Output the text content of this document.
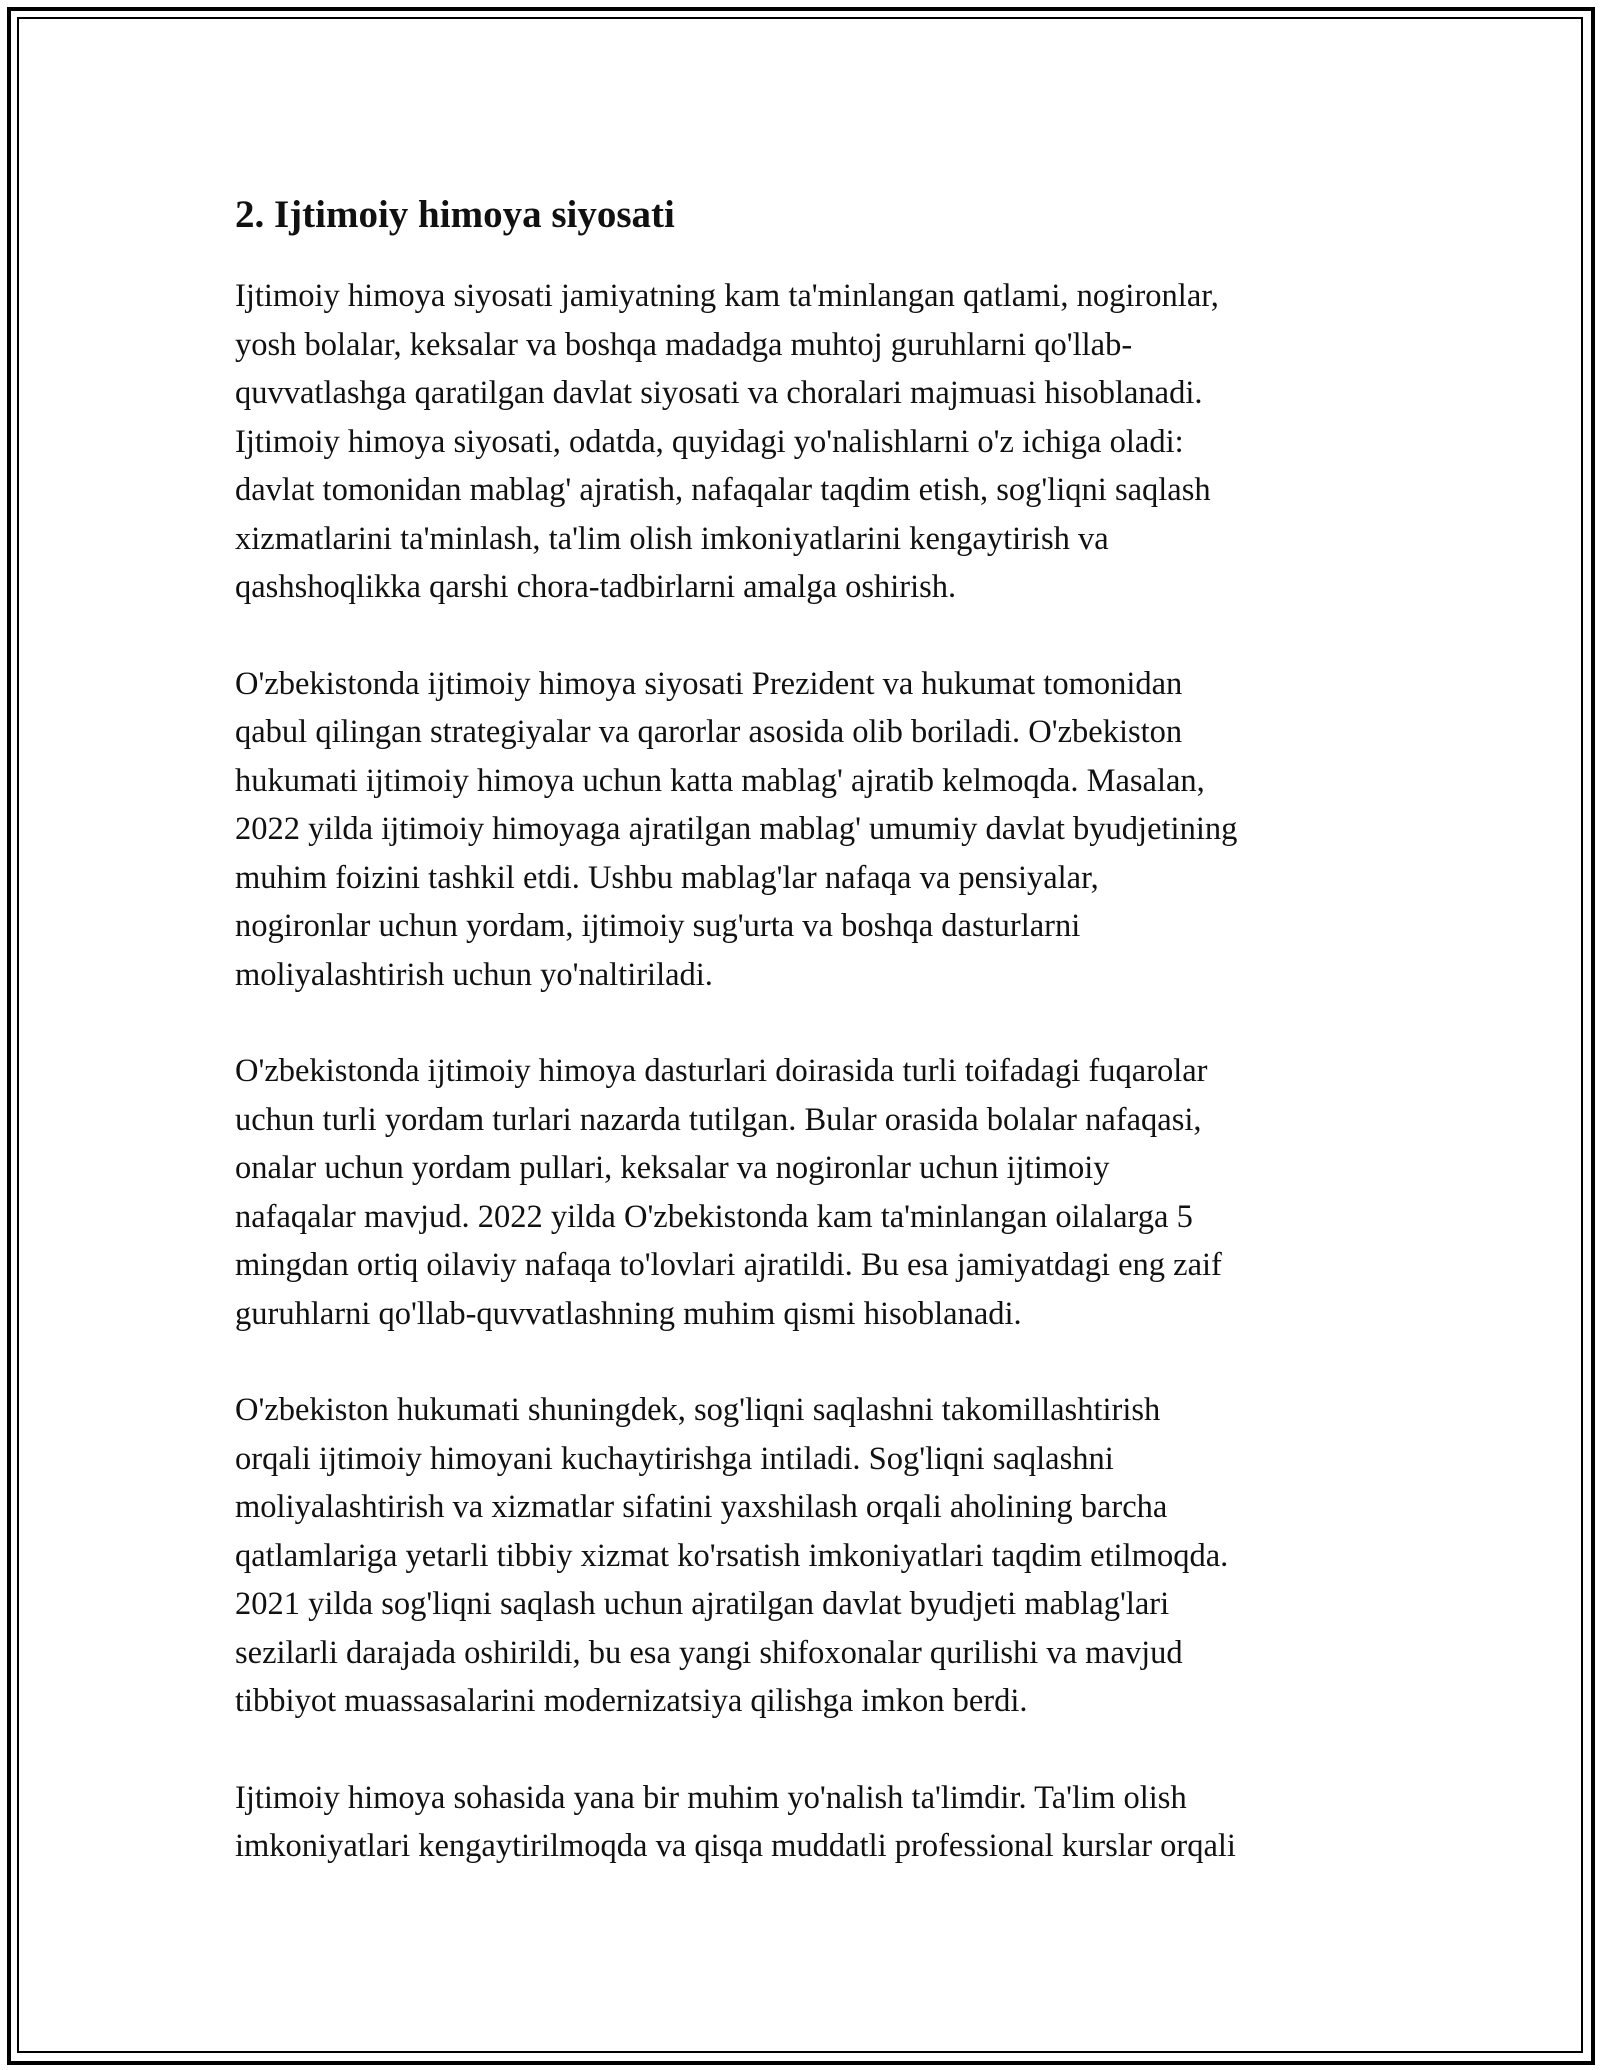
2. Ijtimoiy himoya siyosati

Ijtimoiy himoya siyosati jamiyatning kam ta'minlangan qatlami, nogironlar,
yosh bolalar, keksalar va boshqa madadga muhtoj guruhlarni qo'llab-
quvvatlashga qaratilgan davlat siyosati va choralari majmuasi hisoblanadi.
Ijtimoiy himoya siyosati, odatda, quyidagi yo'nalishlarni o'z ichiga oladi:
davlat tomonidan mablag' ajratish, nafaqalar taqdim etish, sog'liqni saqlash
xizmatlarini ta'minlash, ta'lim olish imkoniyatlarini kengaytirish va
qashshoqlikka qarshi chora-tadbirlarni amalga oshirish.

O'zbekistonda ijtimoiy himoya siyosati Prezident va hukumat tomonidan
qabul qilingan strategiyalar va qarorlar asosida olib boriladi. O'zbekiston
hukumati ijtimoiy himoya uchun katta mablag' ajratib kelmoqda. Masalan,
2022 yilda ijtimoiy himoyaga ajratilgan mablag' umumiy davlat byudjetining
muhim foizini tashkil etdi. Ushbu mablag'lar nafaqa va pensiyalar,
nogironlar uchun yordam, ijtimoiy sug'urta va boshqa dasturlarni
moliyalashtirish uchun yo'naltiriladi.

O'zbekistonda ijtimoiy himoya dasturlari doirasida turli toifadagi fuqarolar
uchun turli yordam turlari nazarda tutilgan. Bular orasida bolalar nafaqasi,
onalar uchun yordam pullari, keksalar va nogironlar uchun ijtimoiy
nafaqalar mavjud. 2022 yilda O'zbekistonda kam ta'minlangan oilalarga 5
mingdan ortiq oilaviy nafaqa to'lovlari ajratildi. Bu esa jamiyatdagi eng zaif
guruhlarni qo'llab-quvvatlashning muhim qismi hisoblanadi.

O'zbekiston hukumati shuningdek, sog'liqni saqlashni takomillashtirish
orqali ijtimoiy himoyani kuchaytirishga intiladi. Sog'liqni saqlashni
moliyalashtirish va xizmatlar sifatini yaxshilash orqali aholining barcha
qatlamlariga yetarli tibbiy xizmat ko'rsatish imkoniyatlari taqdim etilmoqda.
2021 yilda sog'liqni saqlash uchun ajratilgan davlat byudjeti mablag'lari
sezilarli darajada oshirildi, bu esa yangi shifoxonalar qurilishi va mavjud
tibbiyot muassasalarini modernizatsiya qilishga imkon berdi.

Ijtimoiy himoya sohasida yana bir muhim yo'nalish ta'limdir. Ta'lim olish
imkoniyatlari kengaytirilmoqda va qisqa muddatli professional kurslar orqali
